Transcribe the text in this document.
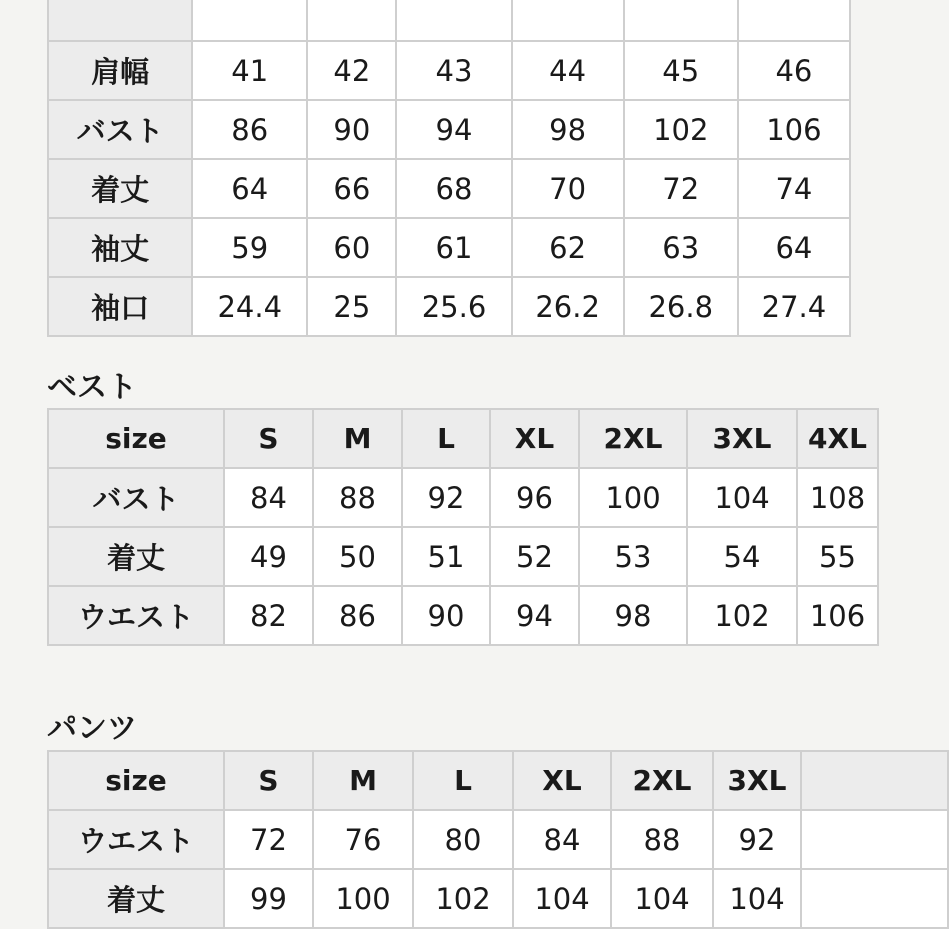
肩幅	41	42	43	44	45	46
バスト	86	90	94	98	102	106
着丈	64	66	68	70	72	74
袖丈	59	60	61	62	63	64
袖口	24.4	25	25.6	26.2	26.8	27.4
ベスト
size	S	M	L	XL	2XL	3XL	4XL
バスト	84	88	92	96	100	104	108
着丈	49	50	51	52	53	54	55
ウエスト	82	86	90	94	98	102	106
パンツ
size	S	M	L	XL	2XL	3XL	
ウエスト	72	76	80	84	88	92	
着丈	99	100	102	104	104	104	
